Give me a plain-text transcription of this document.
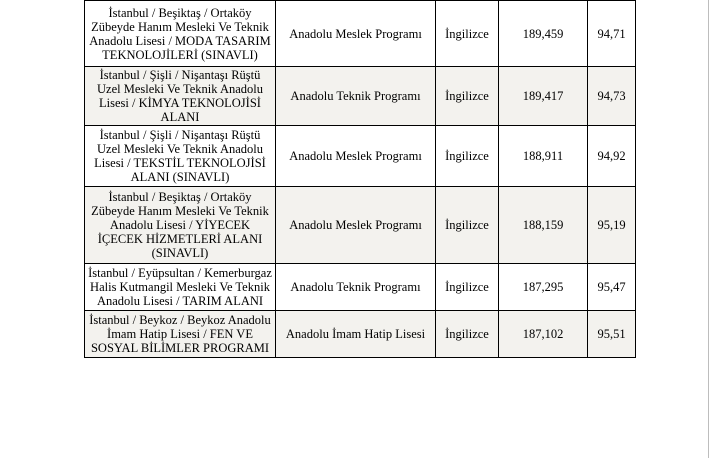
İstanbul / Beşiktaş / Ortaköy Zübeyde Hanım Mesleki Ve Teknik Anadolu Lisesi / MODA TASARIM TEKNOLOJİLERİ (SINAVLI)	Anadolu Meslek Programı	İngilizce	189,459	94,71
İstanbul / Şişli / Nişantaşı Rüştü Uzel Mesleki Ve Teknik Anadolu Lisesi / KİMYA TEKNOLOJİSİ ALANI	Anadolu Teknik Programı	İngilizce	189,417	94,73
İstanbul / Şişli / Nişantaşı Rüştü Uzel Mesleki Ve Teknik Anadolu Lisesi / TEKSTİL TEKNOLOJİSİ ALANI (SINAVLI)	Anadolu Meslek Programı	İngilizce	188,911	94,92
İstanbul / Beşiktaş / Ortaköy Zübeyde Hanım Mesleki Ve Teknik Anadolu Lisesi / YİYECEK İÇECEK HİZMETLERİ ALANI (SINAVLI)	Anadolu Meslek Programı	İngilizce	188,159	95,19
İstanbul / Eyüpsultan / Kemerburgaz Halis Kutmangil Mesleki Ve Teknik Anadolu Lisesi / TARIM ALANI	Anadolu Teknik Programı	İngilizce	187,295	95,47
İstanbul / Beykoz / Beykoz Anadolu İmam Hatip Lisesi / FEN VE SOSYAL BİLİMLER PROGRAMI	Anadolu İmam Hatip Lisesi	İngilizce	187,102	95,51
